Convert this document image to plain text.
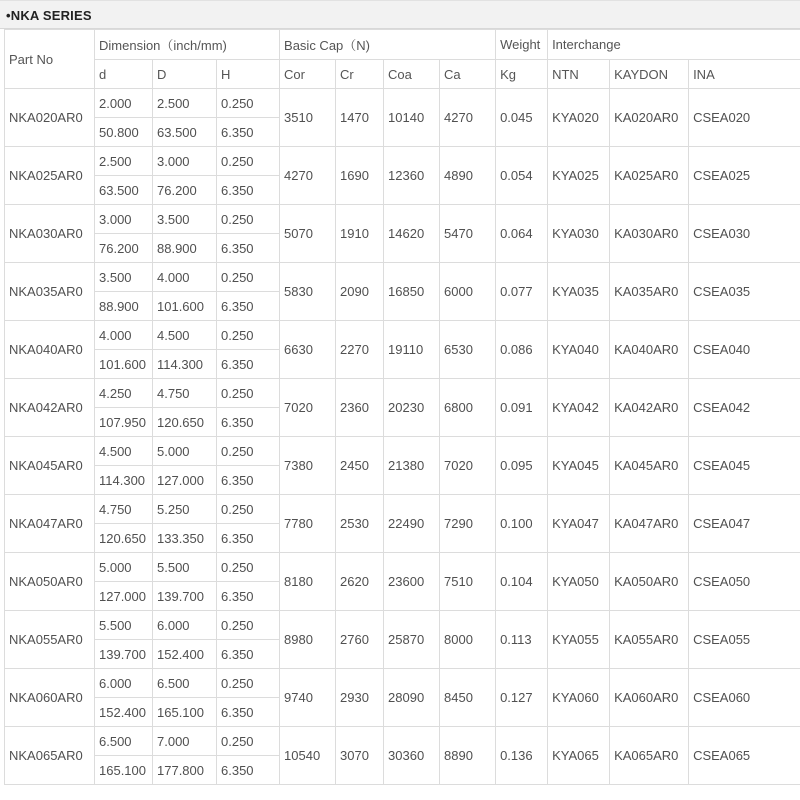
•NKA SERIES
Part No	Dimension（inch/mm)			Basic Cap（N)				Weight	Interchange		
	d	D	H	Cor	Cr	Coa	Ca	Kg	NTN	KAYDON	INA
NKA020AR0	2.000	2.500	0.250	3510	1470	10140	4270	0.045	KYA020	KA020AR0	CSEA020
	50.800	63.500	6.350								
NKA025AR0	2.500	3.000	0.250	4270	1690	12360	4890	0.054	KYA025	KA025AR0	CSEA025
	63.500	76.200	6.350								
NKA030AR0	3.000	3.500	0.250	5070	1910	14620	5470	0.064	KYA030	KA030AR0	CSEA030
	76.200	88.900	6.350								
NKA035AR0	3.500	4.000	0.250	5830	2090	16850	6000	0.077	KYA035	KA035AR0	CSEA035
	88.900	101.600	6.350								
NKA040AR0	4.000	4.500	0.250	6630	2270	19110	6530	0.086	KYA040	KA040AR0	CSEA040
	101.600	114.300	6.350								
NKA042AR0	4.250	4.750	0.250	7020	2360	20230	6800	0.091	KYA042	KA042AR0	CSEA042
	107.950	120.650	6.350								
NKA045AR0	4.500	5.000	0.250	7380	2450	21380	7020	0.095	KYA045	KA045AR0	CSEA045
	114.300	127.000	6.350								
NKA047AR0	4.750	5.250	0.250	7780	2530	22490	7290	0.100	KYA047	KA047AR0	CSEA047
	120.650	133.350	6.350								
NKA050AR0	5.000	5.500	0.250	8180	2620	23600	7510	0.104	KYA050	KA050AR0	CSEA050
	127.000	139.700	6.350								
NKA055AR0	5.500	6.000	0.250	8980	2760	25870	8000	0.113	KYA055	KA055AR0	CSEA055
	139.700	152.400	6.350								
NKA060AR0	6.000	6.500	0.250	9740	2930	28090	8450	0.127	KYA060	KA060AR0	CSEA060
	152.400	165.100	6.350								
NKA065AR0	6.500	7.000	0.250	10540	3070	30360	8890	0.136	KYA065	KA065AR0	CSEA065
	165.100	177.800	6.350								
